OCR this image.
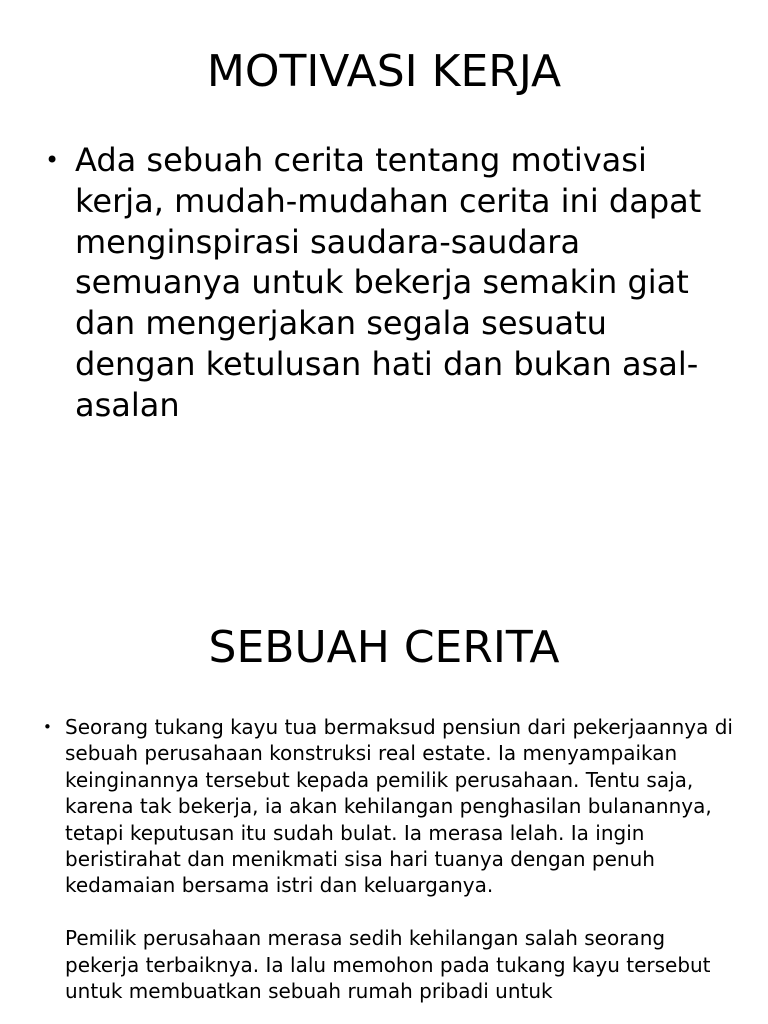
MOTIVASI KERJA
• Ada sebuah cerita tentang motivasi kerja, mudah-mudahan cerita ini dapat menginspirasi saudara-saudara semuanya untuk bekerja semakin giat dan mengerjakan segala sesuatu dengan ketulusan hati dan bukan asal-asalan
SEBUAH CERITA
• Seorang tukang kayu tua bermaksud pensiun dari pekerjaannya di sebuah perusahaan konstruksi real estate. Ia menyampaikan keinginannya tersebut kepada pemilik perusahaan. Tentu saja, karena tak bekerja, ia akan kehilangan penghasilan bulanannya, tetapi keputusan itu sudah bulat. Ia merasa lelah. Ia ingin beristirahat dan menikmati sisa hari tuanya dengan penuh kedamaian bersama istri dan keluarganya.
Pemilik perusahaan merasa sedih kehilangan salah seorang pekerja terbaiknya. Ia lalu memohon pada tukang kayu tersebut untuk membuatkan sebuah rumah pribadi untuk
